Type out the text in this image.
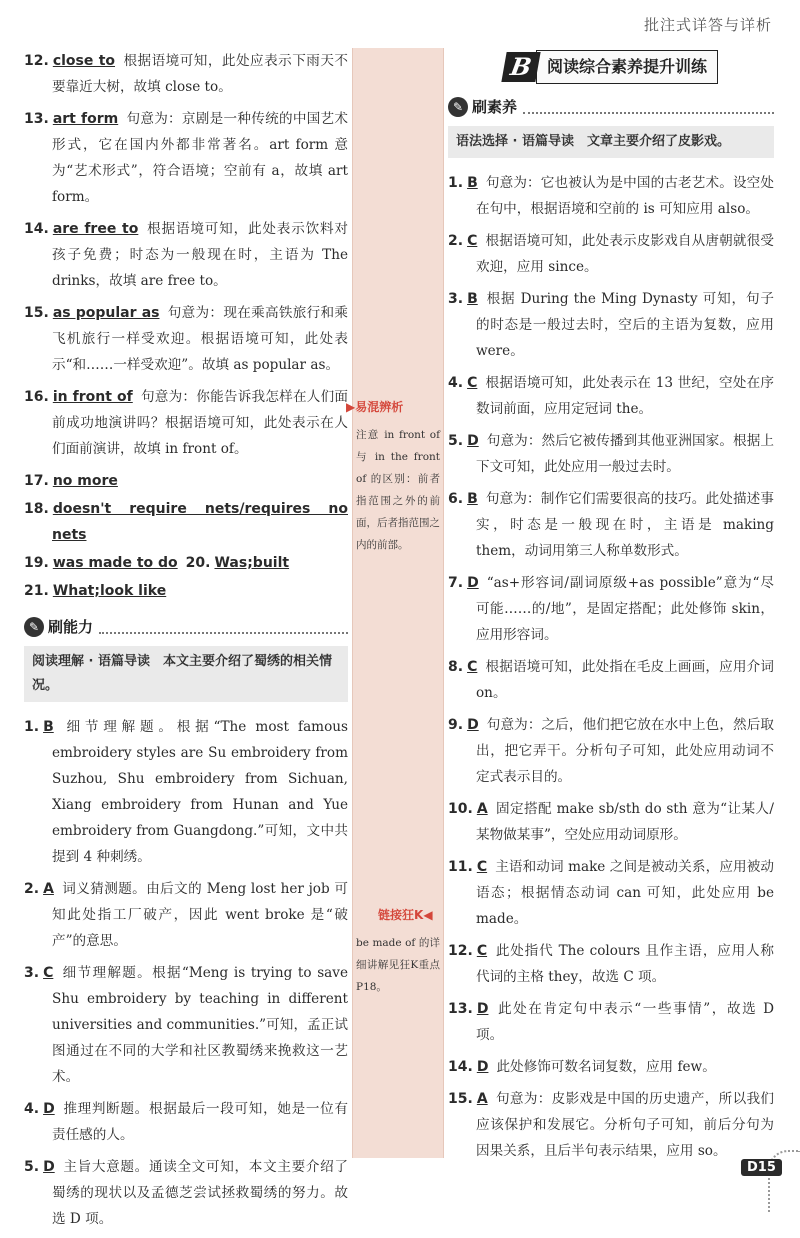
批注式详答与详析
12. close to 根据语境可知，此处应表示下雨天不要靠近大树，故填 close to。
13. art form 句意为：京剧是一种传统的中国艺术形式，它在国内外都非常著名。art form 意为“艺术形式”，符合语境；空前有 a，故填 art form。
14. are free to 根据语境可知，此处表示饮料对孩子免费；时态为一般现在时，主语为 The drinks，故填 are free to。
15. as popular as 句意为：现在乘高铁旅行和乘飞机旅行一样受欢迎。根据语境可知，此处表示“和……一样受欢迎”。故填 as popular as。
16. in front of 句意为：你能告诉我怎样在人们面前成功地演讲吗？根据语境可知，此处表示在人们面前演讲，故填 in front of。
17. no more
18. doesn't require nets/requires no nets
19. was made to do 20. Was;built
21. What;look like
✎ 刷能力
阅读理解 · 语篇导读　本文主要介绍了蜀绣的相关情况。
1. B 细节理解题。根据“The most famous embroidery styles are Su embroidery from Suzhou, Shu embroidery from Sichuan, Xiang embroidery from Hunan and Yue embroidery from Guangdong.”可知，文中共提到 4 种刺绣。
2. A 词义猜测题。由后文的 Meng lost her job 可知此处指工厂破产，因此 went broke 是“破产”的意思。
3. C 细节理解题。根据“Meng is trying to save Shu embroidery by teaching in different universities and communities.”可知，孟正试图通过在不同的大学和社区教蜀绣来挽救这一艺术。
4. D 推理判断题。根据最后一段可知，她是一位有责任感的人。
5. D 主旨大意题。通读全文可知，本文主要介绍了蜀绣的现状以及孟德芝尝试拯救蜀绣的努力。故选 D 项。
▶易混辨析
注意 in front of 与 in the front of 的区别：前者指范围之外的前面，后者指范围之内的前部。
链接狂K◀
be made of 的详细讲解见狂K重点 P18。
B 阅读综合素养提升训练
✎ 刷素养
语法选择 · 语篇导读　文章主要介绍了皮影戏。
1. B 句意为：它也被认为是中国的古老艺术。设空处在句中，根据语境和空前的 is 可知应用 also。
2. C 根据语境可知，此处表示皮影戏自从唐朝就很受欢迎，应用 since。
3. B 根据 During the Ming Dynasty 可知，句子的时态是一般过去时，空后的主语为复数，应用 were。
4. C 根据语境可知，此处表示在 13 世纪，空处在序数词前面，应用定冠词 the。
5. D 句意为：然后它被传播到其他亚洲国家。根据上下文可知，此处应用一般过去时。
6. B 句意为：制作它们需要很高的技巧。此处描述事实，时态是一般现在时，主语是 making them，动词用第三人称单数形式。
7. D “as+形容词/副词原级+as possible”意为“尽可能……的/地”，是固定搭配；此处修饰 skin，应用形容词。
8. C 根据语境可知，此处指在毛皮上画画，应用介词 on。
9. D 句意为：之后，他们把它放在水中上色，然后取出，把它弄干。分析句子可知，此处应用动词不定式表示目的。
10. A 固定搭配 make sb/sth do sth 意为“让某人/某物做某事”，空处应用动词原形。
11. C 主语和动词 make 之间是被动关系，应用被动语态；根据情态动词 can 可知，此处应用 be made。
12. C 此处指代 The colours 且作主语，应用人称代词的主格 they，故选 C 项。
13. D 此处在肯定句中表示“一些事情”，故选 D 项。
14. D 此处修饰可数名词复数，应用 few。
15. A 句意为：皮影戏是中国的历史遗产，所以我们应该保护和发展它。分析句子可知，前后分句为因果关系，且后半句表示结果，应用 so。
D15
